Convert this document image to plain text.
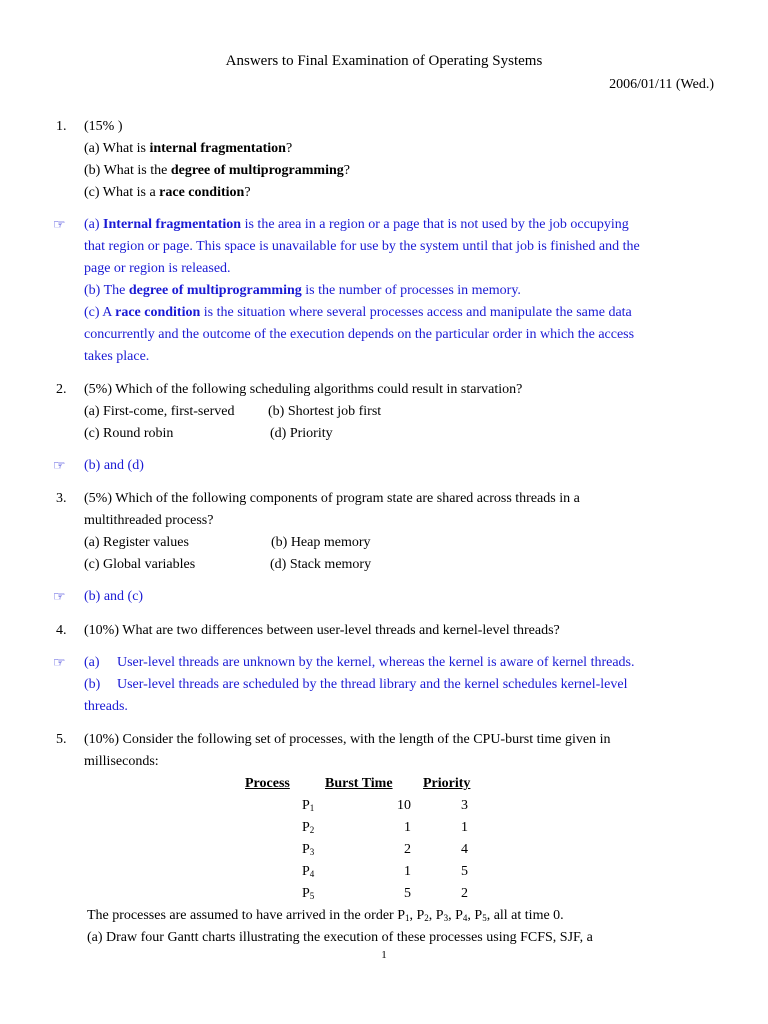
Answers to Final Examination of Operating Systems
2006/01/11 (Wed.)
1. (15% )
(a) What is internal fragmentation?
(b) What is the degree of multiprogramming?
(c) What is a race condition?
☞ (a) Internal fragmentation is the area in a region or a page that is not used by the job occupying
that region or page. This space is unavailable for use by the system until that job is finished and the
page or region is released.
(b) The degree of multiprogramming is the number of processes in memory.
(c) A race condition is the situation where several processes access and manipulate the same data
concurrently and the outcome of the execution depends on the particular order in which the access
takes place.
2. (5%) Which of the following scheduling algorithms could result in starvation?
(a) First-come, first-served (b) Shortest job first
(c) Round robin	(d) Priority
☞ (b) and (d)
3. (5%) Which of the following components of program state are shared across threads in a
multithreaded process?
(a) Register values	(b) Heap memory
(c) Global variables	(d) Stack memory
☞ (b) and (c)
4. (10%) What are two differences between user-level threads and kernel-level threads?
☞ (a) User-level threads are unknown by the kernel, whereas the kernel is aware of kernel threads.
(b) User-level threads are scheduled by the thread library and the kernel schedules kernel-level
threads.
5. (10%) Consider the following set of processes, with the length of the CPU-burst time given in
milliseconds:
Process	Burst Time Priority
$P_1$	10	3
$P_2$	1	1
$P_3$	2	4
$P_4$	1	5
$P_5$	5	2
The processes are assumed to have arrived in the order $P_1$, $P_2$, $P_3$, $P_4$, $P_5$, all at time 0.
(a) Draw four Gantt charts illustrating the execution of these processes using FCFS, SJF, a
1
